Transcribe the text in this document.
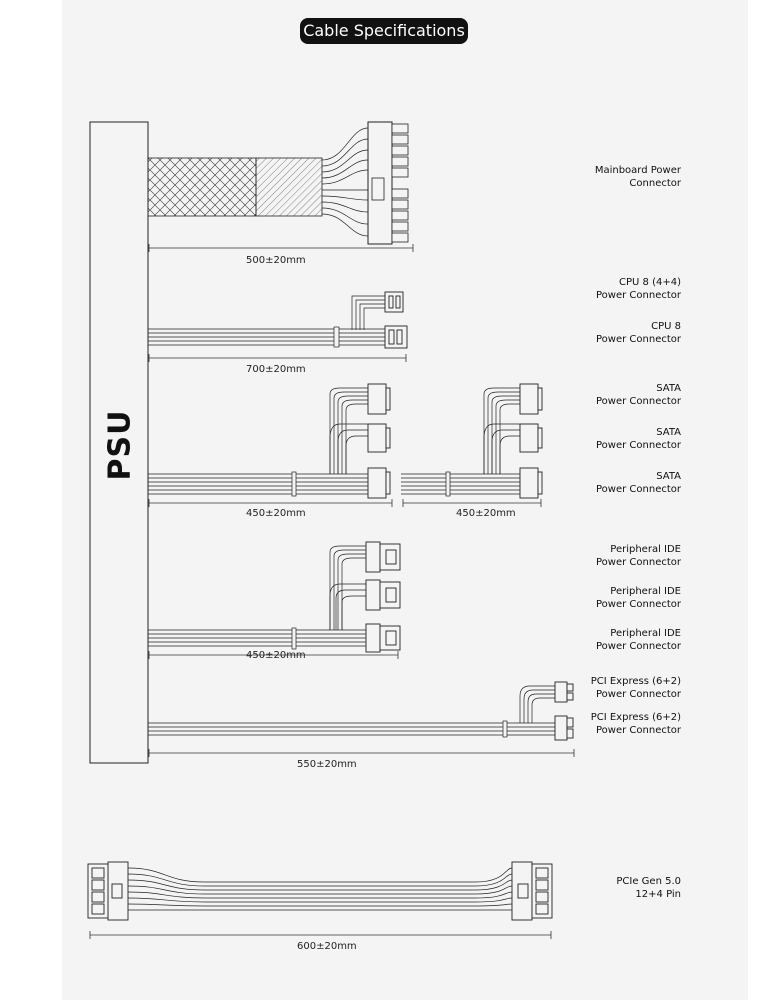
Cable Specifications
PSU
500±20mm
700±20mm
450±20mm	450±20mm
450±20mm
550±20mm
600±20mm
Mainboard Power
Connector
CPU 8 (4+4)
Power Connector
CPU 8
Power Connector
SATA
Power Connector
SATA
Power Connector
SATA
Power Connector
Peripheral IDE
Power Connector
Peripheral IDE
Power Connector
Peripheral IDE
Power Connector
PCI Express (6+2)
Power Connector
PCI Express (6+2)
Power Connector
PCIe Gen 5.0
12+4 Pin
